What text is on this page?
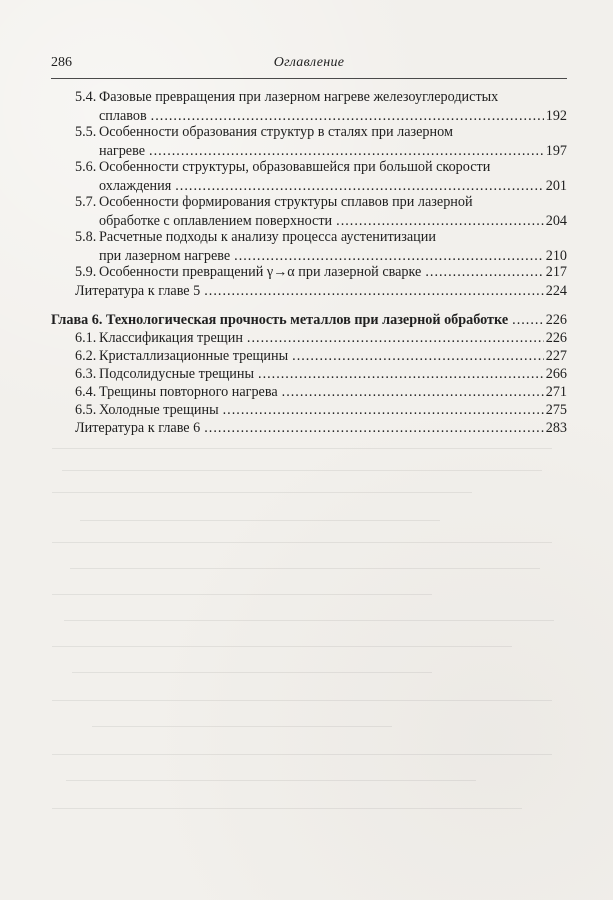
286	Оглавление
5.4. Фазовые превращения при лазерном нагреве железоуглеродистых
сплавов .....	192
5.5. Особенности образования структур в сталях при лазерном
нагреве .....	197
5.6. Особенности структуры, образовавшейся при большой скорости
охлаждения .....	201
5.7. Особенности формирования структуры сплавов при лазерной
обработке с оплавлением поверхности .....	204
5.8. Расчетные подходы к анализу процесса аустенитизации
при лазерном нагреве .....	210
5.9. Особенности превращений γ→α при лазерной сварке .....	217
Литература к главе 5 .....	224
Глава 6. Технологическая прочность металлов при лазерной обработке .....	226
6.1. Классификация трещин .....	226
6.2. Кристаллизационные трещины .....	227
6.3. Подсолидусные трещины .....	266
6.4. Трещины повторного нагрева .....	271
6.5. Холодные трещины .....	275
Литература к главе 6 .....	283
